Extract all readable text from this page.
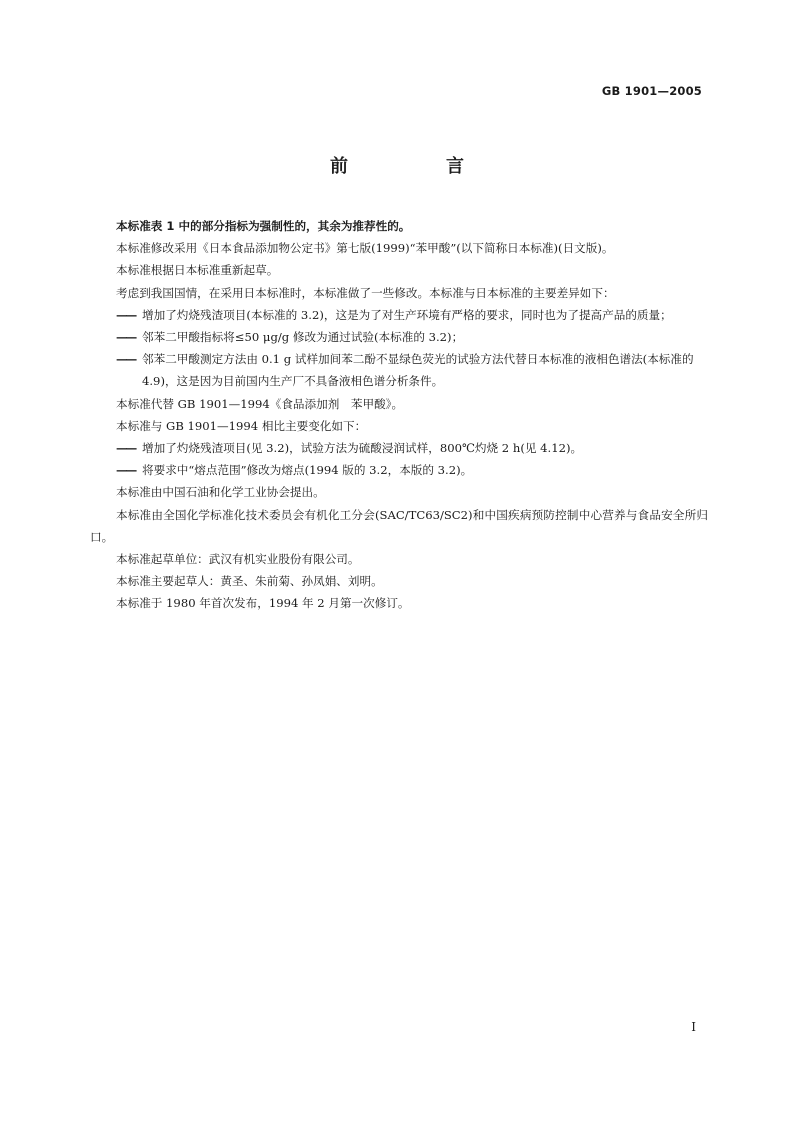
GB 1901—2005
前　言

本标准表 1 中的部分指标为强制性的，其余为推荐性的。

本标准修改采用《日本食品添加物公定书》第七版(1999)“苯甲酸”(以下简称日本标准)(日文版)。

本标准根据日本标准重新起草。

考虑到我国国情，在采用日本标准时，本标准做了一些修改。本标准与日本标准的主要差异如下：

—— 增加了灼烧残渣项目(本标准的 3.2)，这是为了对生产环境有严格的要求，同时也为了提高产品的质量；

—— 邻苯二甲酸指标将≤50 μg/g 修改为通过试验(本标准的 3.2)；

—— 邻苯二甲酸测定方法由 0.1 g 试样加间苯二酚不显绿色荧光的试验方法代替日本标准的液相色谱法(本标准的 4.9)，这是因为目前国内生产厂不具备液相色谱分析条件。

本标准代替 GB 1901—1994《食品添加剂　苯甲酸》。

本标准与 GB 1901—1994 相比主要变化如下：

—— 增加了灼烧残渣项目(见 3.2)，试验方法为硫酸浸润试样，800℃灼烧 2 h(见 4.12)。

—— 将要求中“熔点范围”修改为熔点(1994 版的 3.2，本版的 3.2)。

本标准由中国石油和化学工业协会提出。

本标准由全国化学标准化技术委员会有机化工分会(SAC/TC63/SC2)和中国疾病预防控制中心营养与食品安全所归口。

本标准起草单位：武汉有机实业股份有限公司。

本标准主要起草人：黄圣、朱前菊、孙凤娟、刘明。

本标准于 1980 年首次发布，1994 年 2 月第一次修订。

I
